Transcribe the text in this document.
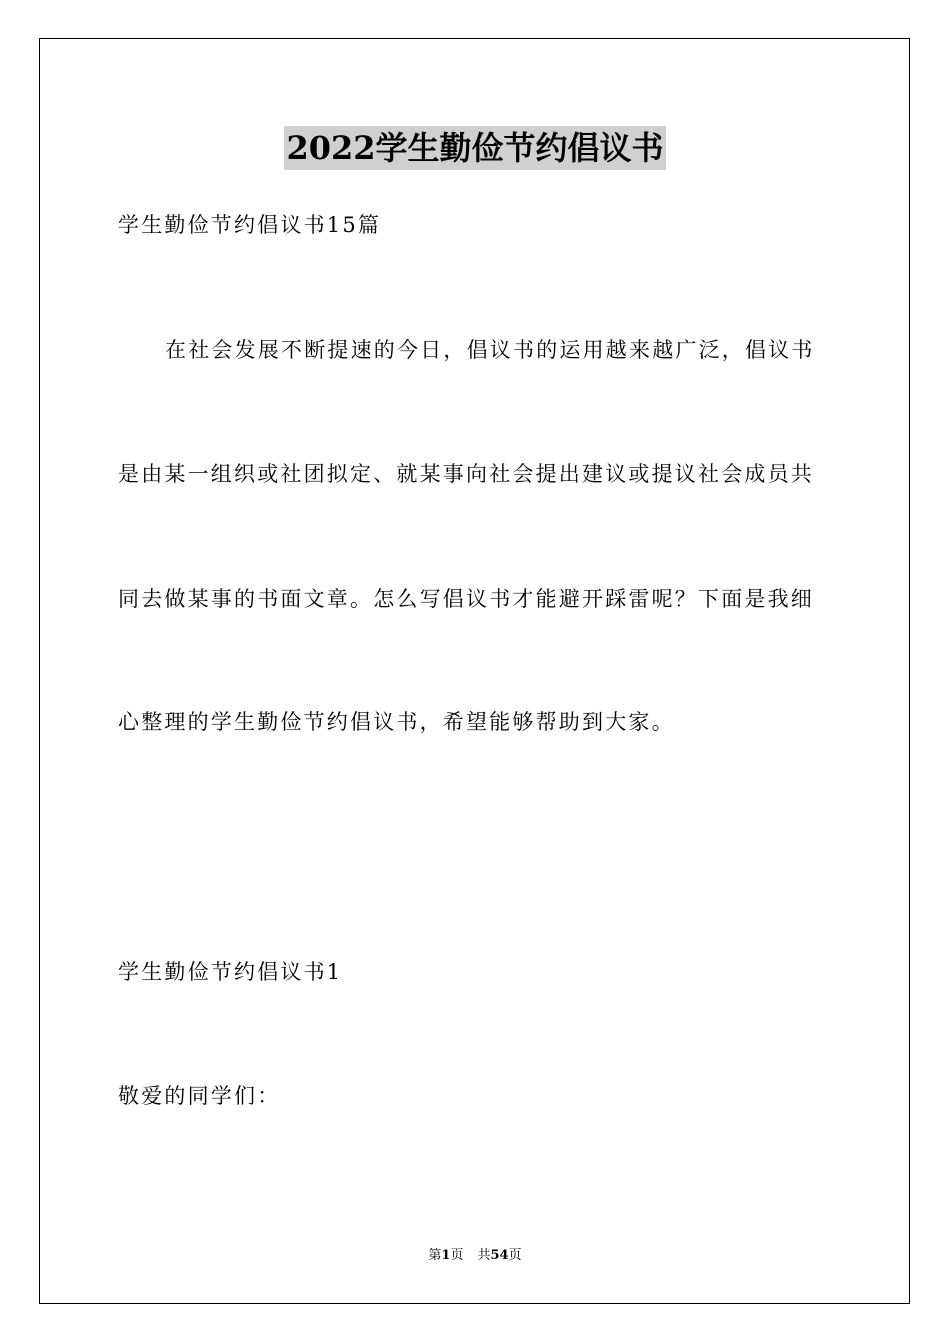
2022学生勤俭节约倡议书
学生勤俭节约倡议书15篇
在社会发展不断提速的今日，倡议书的运用越来越广泛，倡议书
是由某一组织或社团拟定、就某事向社会提出建议或提议社会成员共
同去做某事的书面文章。怎么写倡议书才能避开踩雷呢？下面是我细
心整理的学生勤俭节约倡议书，希望能够帮助到大家。
学生勤俭节约倡议书1
敬爱的同学们：
第1页 共54页
